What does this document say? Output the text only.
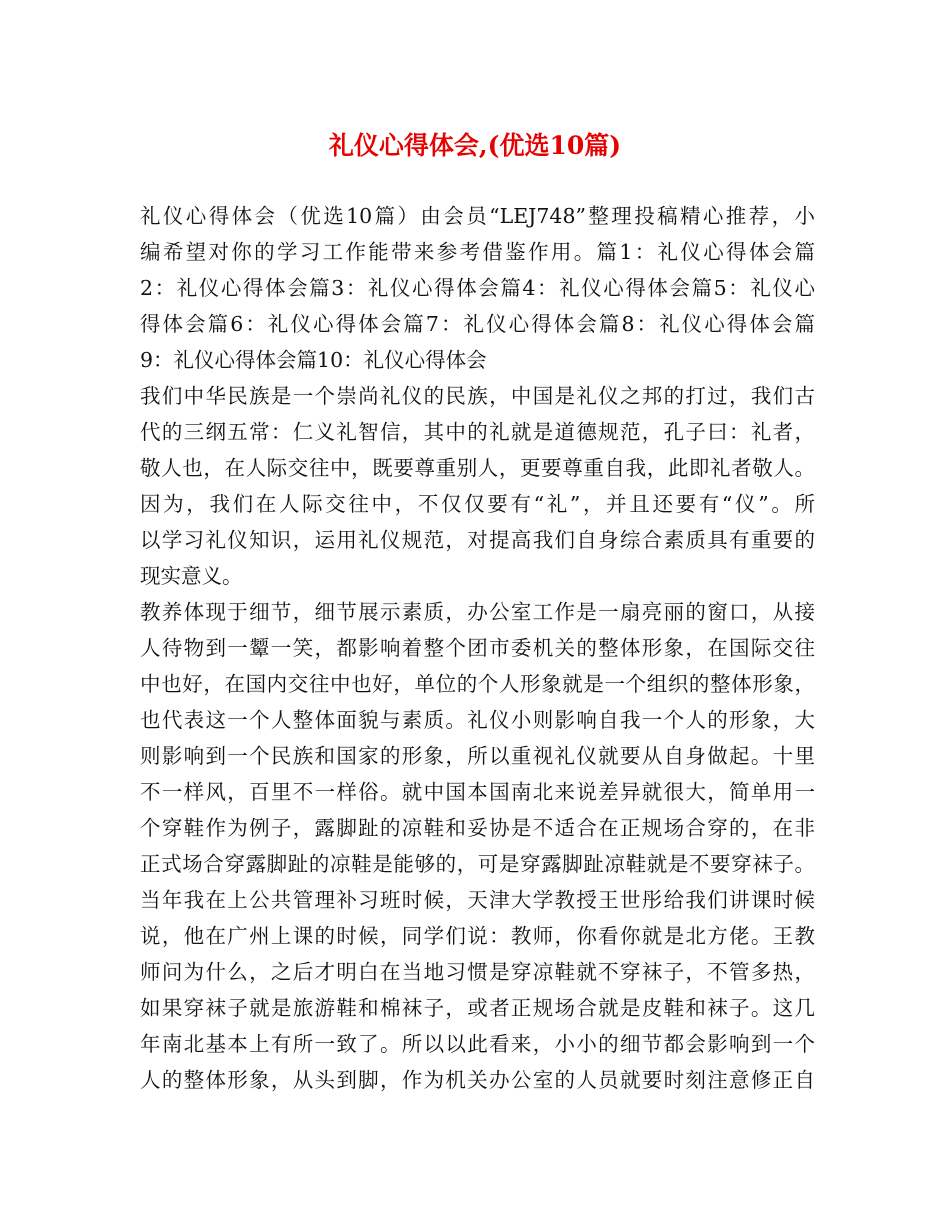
礼仪心得体会,(优选10篇)
礼仪心得体会（优选10篇）由会员“LEJ748”整理投稿精心推荐，小
编希望对你的学习工作能带来参考借鉴作用。篇1：礼仪心得体会篇
2：礼仪心得体会篇3：礼仪心得体会篇4：礼仪心得体会篇5：礼仪心
得体会篇6：礼仪心得体会篇7：礼仪心得体会篇8：礼仪心得体会篇
9：礼仪心得体会篇10：礼仪心得体会
我们中华民族是一个崇尚礼仪的民族，中国是礼仪之邦的打过，我们古
代的三纲五常：仁义礼智信，其中的礼就是道德规范，孔子曰：礼者，
敬人也，在人际交往中，既要尊重别人，更要尊重自我，此即礼者敬人。
因为，我们在人际交往中，不仅仅要有“礼”，并且还要有“仪”。所
以学习礼仪知识，运用礼仪规范，对提高我们自身综合素质具有重要的
现实意义。
教养体现于细节，细节展示素质，办公室工作是一扇亮丽的窗口，从接
人待物到一颦一笑，都影响着整个团市委机关的整体形象，在国际交往
中也好，在国内交往中也好，单位的个人形象就是一个组织的整体形象，
也代表这一个人整体面貌与素质。礼仪小则影响自我一个人的形象，大
则影响到一个民族和国家的形象，所以重视礼仪就要从自身做起。十里
不一样风，百里不一样俗。就中国本国南北来说差异就很大，简单用一
个穿鞋作为例子，露脚趾的凉鞋和妥协是不适合在正规场合穿的，在非
正式场合穿露脚趾的凉鞋是能够的，可是穿露脚趾凉鞋就是不要穿袜子。
当年我在上公共管理补习班时候，天津大学教授王世彤给我们讲课时候
说，他在广州上课的时候，同学们说：教师，你看你就是北方佬。王教
师问为什么，之后才明白在当地习惯是穿凉鞋就不穿袜子，不管多热，
如果穿袜子就是旅游鞋和棉袜子，或者正规场合就是皮鞋和袜子。这几
年南北基本上有所一致了。所以以此看来，小小的细节都会影响到一个
人的整体形象，从头到脚，作为机关办公室的人员就要时刻注意修正自
